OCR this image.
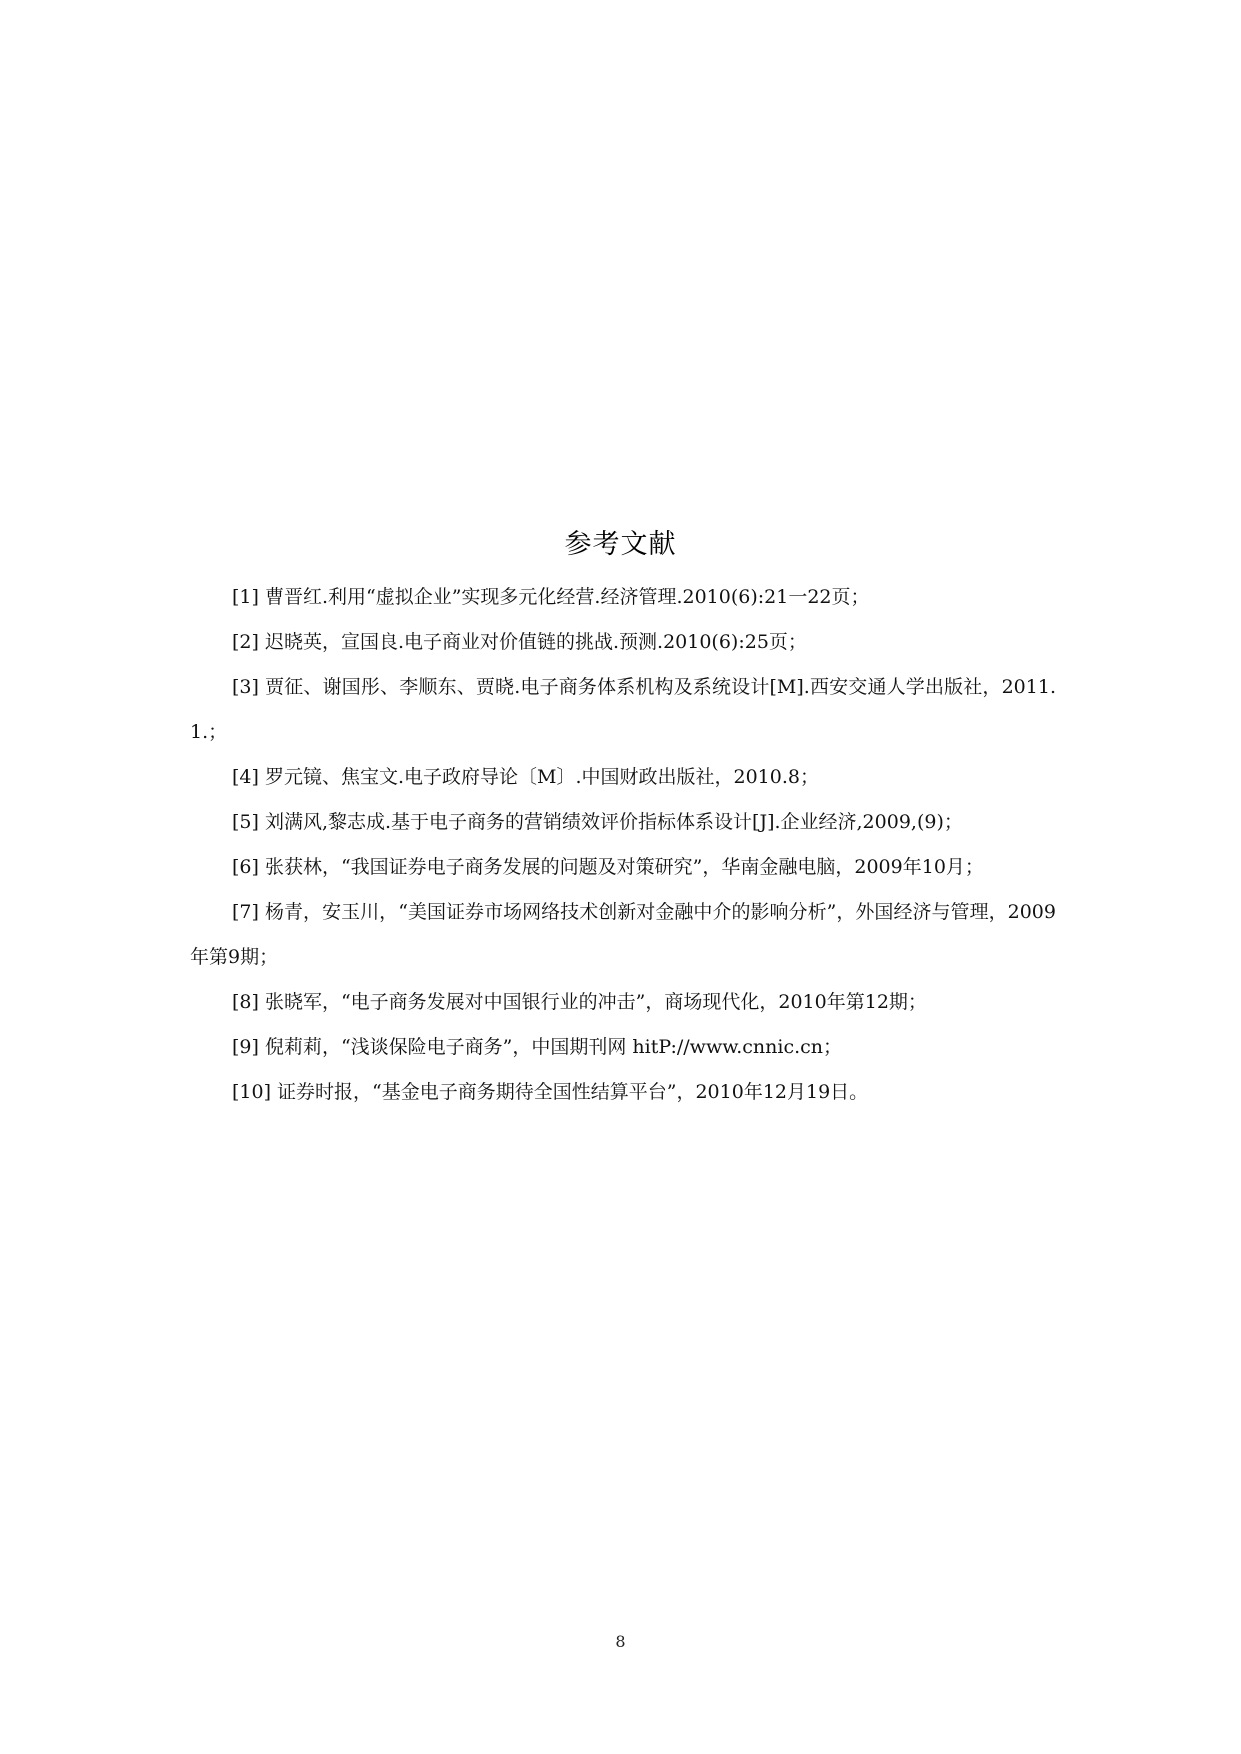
参考文献

[1] 曹晋红.利用“虚拟企业”实现多元化经营.经济管理.2010(6):21一22页；

[2] 迟晓英，宣国良.电子商业对价值链的挑战.预测.2010(6):25页；

[3] 贾征、谢国彤、李顺东、贾晓.电子商务体系机构及系统设计[M].西安交通人学出版社，2011.1.；

[4] 罗元镜、焦宝文.电子政府导论〔M〕.中国财政出版社，2010.8；

[5] 刘满风,黎志成.基于电子商务的营销绩效评价指标体系设计[J].企业经济,2009,(9)；

[6] 张获林，“我国证券电子商务发展的问题及对策研究”，华南金融电脑，2009年10月；

[7] 杨青，安玉川，“美国证券市场网络技术创新对金融中介的影响分析”，外国经济与管理，2009年第9期；

[8] 张晓军，“电子商务发展对中国银行业的冲击”，商场现代化，2010年第12期；

[9] 倪莉莉，“浅谈保险电子商务”，中国期刊网 hitP://www.cnnic.cn；

[10] 证券时报，“基金电子商务期待全国性结算平台”，2010年12月19日。

8
